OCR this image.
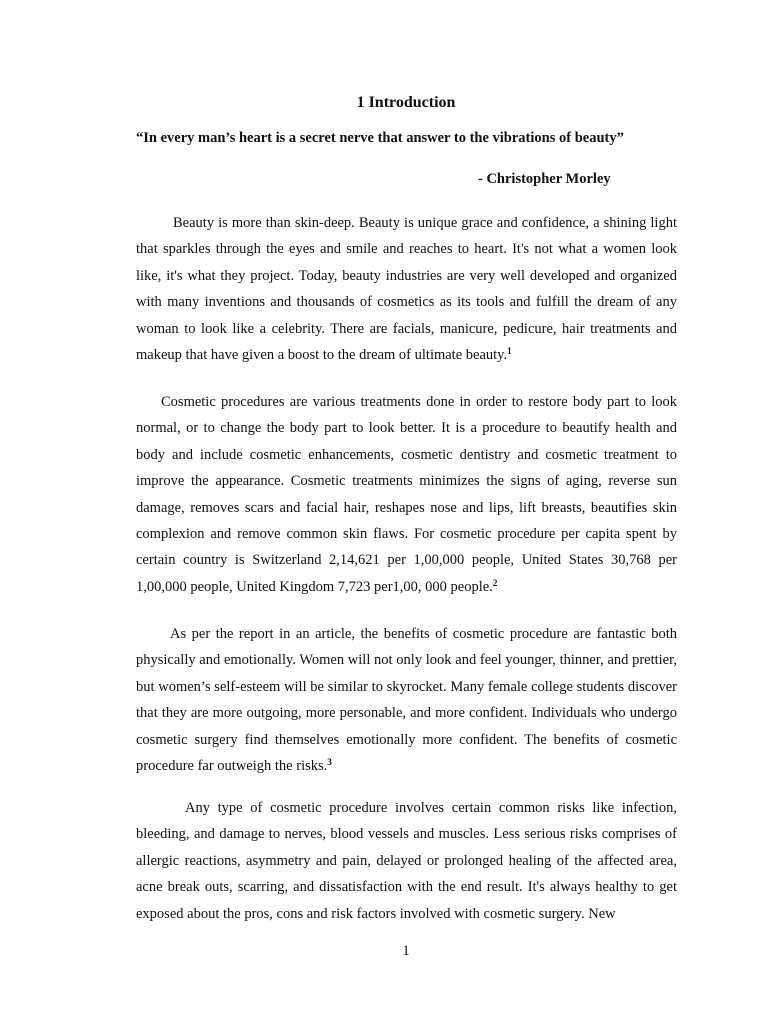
1 Introduction

“In every man’s heart is a secret nerve that answer to the vibrations of beauty”

- Christopher Morley

Beauty is more than skin-deep. Beauty is unique grace and confidence, a shining light that sparkles through the eyes and smile and reaches to heart. It's not what a women look like, it's what they project. Today, beauty industries are very well developed and organized with many inventions and thousands of cosmetics as its tools and fulfill the dream of any woman to look like a celebrity. There are facials, manicure, pedicure, hair treatments and makeup that have given a boost to the dream of ultimate beauty.$^1$

Cosmetic procedures are various treatments done in order to restore body part to look normal, or to change the body part to look better. It is a procedure to beautify health and body and include cosmetic enhancements, cosmetic dentistry and cosmetic treatment to improve the appearance. Cosmetic treatments minimizes the signs of aging, reverse sun damage, removes scars and facial hair, reshapes nose and lips, lift breasts, beautifies skin complexion and remove common skin flaws. For cosmetic procedure per capita spent by certain country is Switzerland 2,14,621 per 1,00,000 people, United States 30,768 per 1,00,000 people, United Kingdom 7,723 per1,00, 000 people.$^2$

As per the report in an article, the benefits of cosmetic procedure are fantastic both physically and emotionally. Women will not only look and feel younger, thinner, and prettier, but women’s self-esteem will be similar to skyrocket. Many female college students discover that they are more outgoing, more personable, and more confident. Individuals who undergo cosmetic surgery find themselves emotionally more confident. The benefits of cosmetic procedure far outweigh the risks.$^3$

Any type of cosmetic procedure involves certain common risks like infection, bleeding, and damage to nerves, blood vessels and muscles. Less serious risks comprises of allergic reactions, asymmetry and pain, delayed or prolonged healing of the affected area, acne break outs, scarring, and dissatisfaction with the end result. It's always healthy to get exposed about the pros, cons and risk factors involved with cosmetic surgery. New

1
